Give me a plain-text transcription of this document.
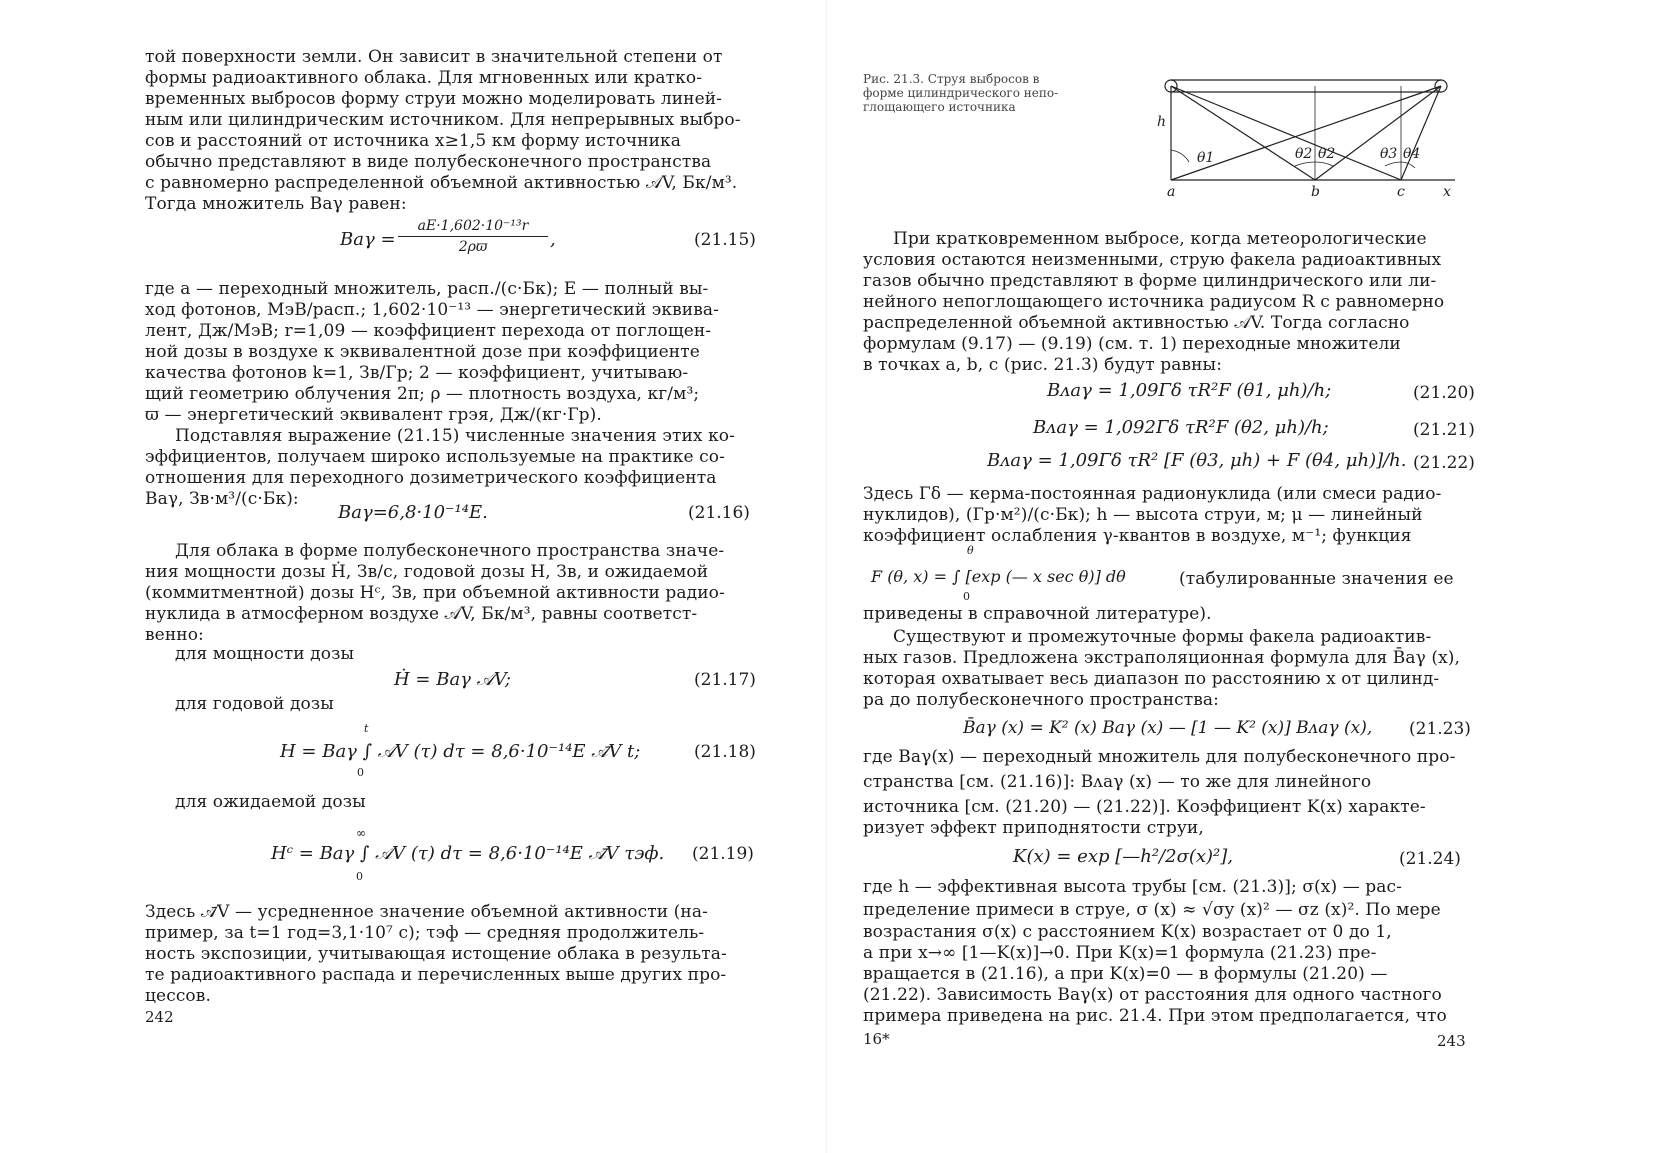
той поверхности земли. Он зависит в значительной степени от
формы радиоактивного облака. Для мгновенных или кратко-
временных выбросов форму струи можно моделировать линей-
ным или цилиндрическим источником. Для непрерывных выбро-
сов и расстояний от источника x≥1,5 км форму источника
обычно представляют в виде полубесконечного пространства
с равномерно распределенной объемной активностью 𝒜V, Бк/м³.
Тогда множитель Baγ равен:
$Ba\gamma = \frac{\text{aE·1,602·10⁻¹³r}}{2\rho ϖ}$ ,	(21.15)
где a — переходный множитель, расп./(с·Бк); E — полный вы-
ход фотонов, МэВ/расп.; 1,602·10⁻¹³ — энергетический эквива-
лент, Дж/МэВ; r=1,09 — коэффициент перехода от поглощен-
ной дозы в воздухе к эквивалентной дозе при коэффициенте
качества фотонов k=1, Зв/Гр; 2 — коэффициент, учитываю-
щий геометрию облучения 2π; ρ — плотность воздуха, кг/м³;
ϖ — энергетический эквивалент грэя, Дж/(кг·Гр).
Подставляя выражение (21.15) численные значения этих ко-
эффициентов, получаем широко используемые на практике со-
отношения для переходного дозиметрического коэффициента
Baγ, Зв·м³/(с·Бк):
Baγ=6,8·10⁻¹⁴E.	(21.16)
Для облака в форме полубесконечного пространства значе-
ния мощности дозы Ḣ, Зв/с, годовой дозы H, Зв, и ожидаемой
(коммитментной) дозы Hᶜ, Зв, при объемной активности радио-
нуклида в атмосферном воздухе 𝒜V, Бк/м³, равны соответст-
венно:
для мощности дозы
Ḣ = Baγ 𝒜V;	(21.17)
для годовой дозы
t
0
H = Baγ ∫ 𝒜V (τ) dτ = 8,6·10⁻¹⁴E 𝒜̄V t;	(21.18)
для ожидаемой дозы
∞
0
Hᶜ = Baγ ∫ 𝒜V (τ) dτ = 8,6·10⁻¹⁴E 𝒜̄V τэф. (21.19)
Здесь 𝒜̄V — усредненное значение объемной активности (на-
пример, за t=1 год=3,1·10⁷ с); τэф — средняя продолжитель-
ность экспозиции, учитывающая истощение облака в результа-
те радиоактивного распада и перечисленных выше других про-
цессов.
242
Рис. 21.3. Струя выбросов в
форме цилиндрического непо-
глощающего источника
h
θ1	θ2 θ2	θ3 θ4
a	b	c	x
При кратковременном выбросе, когда метеорологические
условия остаются неизменными, струю факела радиоактивных
газов обычно представляют в форме цилиндрического или ли-
нейного непоглощающего источника радиусом R с равномерно
распределенной объемной активностью 𝒜V. Тогда согласно
формулам (9.17) — (9.19) (см. т. 1) переходные множители
в точках a, b, c (рис. 21.3) будут равны:
Bᴧaγ = 1,09Γδ τR²F (θ1, μh)/h;	(21.20)
Bᴧaγ = 1,092Γδ τR²F (θ2, μh)/h;	(21.21)
Bᴧaγ = 1,09Γδ τR² [F (θ3, μh) + F (θ4, μh)]/h. (21.22)
Здесь Γδ — керма-постоянная радионуклида (или смеси радио-
нуклидов), (Гр·м²)/(с·Бк); h — высота струи, м; μ — линейный
коэффициент ослабления γ-квантов в воздухе, м⁻¹; функция
θ
0
F (θ, x) = ∫ [exp (— x sec θ)] dθ	(табулированные значения ее
приведены в справочной литературе).
Существуют и промежуточные формы факела радиоактив-
ных газов. Предложена экстраполяционная формула для B̄aγ (x),
которая охватывает весь диапазон по расстоянию x от цилинд-
ра до полубесконечного пространства:
B̄aγ (x) = K² (x) Baγ (x) — [1 — K² (x)] Bᴧaγ (x), (21.23)
где Baγ(x) — переходный множитель для полубесконечного про-
странства [см. (21.16)]: Bᴧaγ (x) — то же для линейного
источника [см. (21.20) — (21.22)]. Коэффициент K(x) характе-
ризует эффект приподнятости струи,
K(x) = exp [—h²/2σ(x)²],	(21.24)
где h — эффективная высота трубы [см. (21.3)]; σ(x) — рас-
пределение примеси в струе, σ (x) ≈ √σy (x)² — σz (x)². По мере
возрастания σ(x) с расстоянием K(x) возрастает от 0 до 1,
а при x→∞ [1—K(x)]→0. При K(x)=1 формула (21.23) пре-
вращается в (21.16), а при K(x)=0 — в формулы (21.20) —
(21.22). Зависимость Baγ(x) от расстояния для одного частного
примера приведена на рис. 21.4. При этом предполагается, что
16*	243
